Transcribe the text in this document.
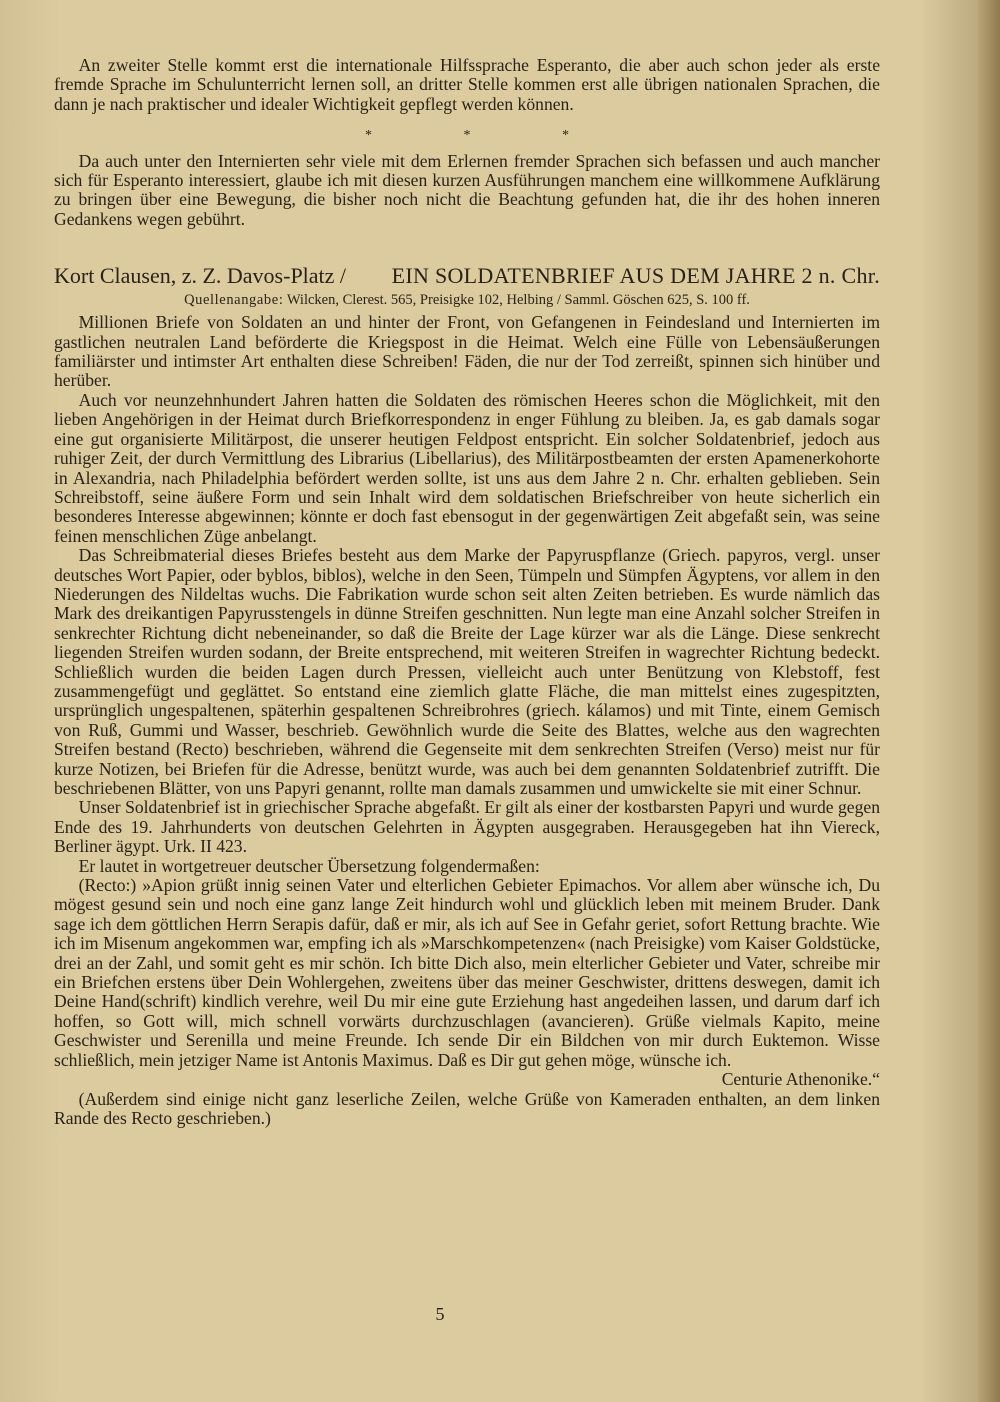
An zweiter Stelle kommt erst die internationale Hilfssprache Esperanto, die aber auch schon jeder als erste fremde Sprache im Schulunterricht lernen soll, an dritter Stelle kommen erst alle übrigen nationalen Sprachen, die dann je nach praktischer und idealer Wichtigkeit gepflegt werden können.

* * *

Da auch unter den Internierten sehr viele mit dem Erlernen fremder Sprachen sich befassen und auch mancher sich für Esperanto interessiert, glaube ich mit diesen kurzen Ausführungen manchem eine willkommene Aufklärung zu bringen über eine Bewegung, die bisher noch nicht die Beachtung gefunden hat, die ihr des hohen inneren Gedankens wegen gebührt.

Kort Clausen, z. Z. Davos-Platz / EIN SOLDATENBRIEF AUS DEM JAHRE 2 n. Chr.
Quellenangabe: Wilcken, Clerest. 565, Preisigke 102, Helbing / Samml. Göschen 625, S. 100 ff.

Millionen Briefe von Soldaten an und hinter der Front, von Gefangenen in Feindesland und Internierten im gastlichen neutralen Land beförderte die Kriegspost in die Heimat. Welch eine Fülle von Lebensäußerungen familiärster und intimster Art enthalten diese Schreiben! Fäden, die nur der Tod zerreißt, spinnen sich hinüber und herüber.

Auch vor neunzehnhundert Jahren hatten die Soldaten des römischen Heeres schon die Möglichkeit, mit den lieben Angehörigen in der Heimat durch Briefkorrespondenz in enger Fühlung zu bleiben. Ja, es gab damals sogar eine gut organisierte Militärpost, die unserer heutigen Feldpost entspricht. Ein solcher Soldatenbrief, jedoch aus ruhiger Zeit, der durch Vermittlung des Librarius (Libellarius), des Militärpostbeamten der ersten Apamenerkohorte in Alexandria, nach Philadelphia befördert werden sollte, ist uns aus dem Jahre 2 n. Chr. erhalten geblieben. Sein Schreibstoff, seine äußere Form und sein Inhalt wird dem soldatischen Briefschreiber von heute sicherlich ein besonderes Interesse abgewinnen; könnte er doch fast ebensogut in der gegenwärtigen Zeit abgefaßt sein, was seine feinen menschlichen Züge anbelangt.

Das Schreibmaterial dieses Briefes besteht aus dem Marke der Papyruspflanze (Griech. papyros, vergl. unser deutsches Wort Papier, oder byblos, biblos), welche in den Seen, Tümpeln und Sümpfen Ägyptens, vor allem in den Niederungen des Nildeltas wuchs. Die Fabrikation wurde schon seit alten Zeiten betrieben. Es wurde nämlich das Mark des dreikantigen Papyrusstengels in dünne Streifen geschnitten. Nun legte man eine Anzahl solcher Streifen in senkrechter Richtung dicht nebeneinander, so daß die Breite der Lage kürzer war als die Länge. Diese senkrecht liegenden Streifen wurden sodann, der Breite entsprechend, mit weiteren Streifen in wagrechter Richtung bedeckt. Schließlich wurden die beiden Lagen durch Pressen, vielleicht auch unter Benützung von Klebstoff, fest zusammengefügt und geglättet. So entstand eine ziemlich glatte Fläche, die man mittelst eines zugespitzten, ursprünglich ungespaltenen, späterhin gespaltenen Schreibrohres (griech. kálamos) und mit Tinte, einem Gemisch von Ruß, Gummi und Wasser, beschrieb. Gewöhnlich wurde die Seite des Blattes, welche aus den wagrechten Streifen bestand (Recto) beschrieben, während die Gegenseite mit dem senkrechten Streifen (Verso) meist nur für kurze Notizen, bei Briefen für die Adresse, benützt wurde, was auch bei dem genannten Soldatenbrief zutrifft. Die beschriebenen Blätter, von uns Papyri genannt, rollte man damals zusammen und umwickelte sie mit einer Schnur.

Unser Soldatenbrief ist in griechischer Sprache abgefaßt. Er gilt als einer der kostbarsten Papyri und wurde gegen Ende des 19. Jahrhunderts von deutschen Gelehrten in Ägypten ausgegraben. Herausgegeben hat ihn Viereck, Berliner ägypt. Urk. II 423.

Er lautet in wortgetreuer deutscher Übersetzung folgendermaßen:

(Recto:) »Apion grüßt innig seinen Vater und elterlichen Gebieter Epimachos. Vor allem aber wünsche ich, Du mögest gesund sein und noch eine ganz lange Zeit hindurch wohl und glücklich leben mit meinem Bruder. Dank sage ich dem göttlichen Herrn Serapis dafür, daß er mir, als ich auf See in Gefahr geriet, sofort Rettung brachte. Wie ich im Misenum angekommen war, empfing ich als »Marschkompetenzen« (nach Preisigke) vom Kaiser Goldstücke, drei an der Zahl, und somit geht es mir schön. Ich bitte Dich also, mein elterlicher Gebieter und Vater, schreibe mir ein Briefchen erstens über Dein Wohlergehen, zweitens über das meiner Geschwister, drittens deswegen, damit ich Deine Hand(schrift) kindlich verehre, weil Du mir eine gute Erziehung hast angedeihen lassen, und darum darf ich hoffen, so Gott will, mich schnell vorwärts durchzuschlagen (avancieren). Grüße vielmals Kapito, meine Geschwister und Serenilla und meine Freunde. Ich sende Dir ein Bildchen von mir durch Euktemon. Wisse schließlich, mein jetziger Name ist Antonis Maximus. Daß es Dir gut gehen möge, wünsche ich.

Centurie Athenonike.“

(Außerdem sind einige nicht ganz leserliche Zeilen, welche Grüße von Kameraden enthalten, an dem linken Rande des Recto geschrieben.)

5
